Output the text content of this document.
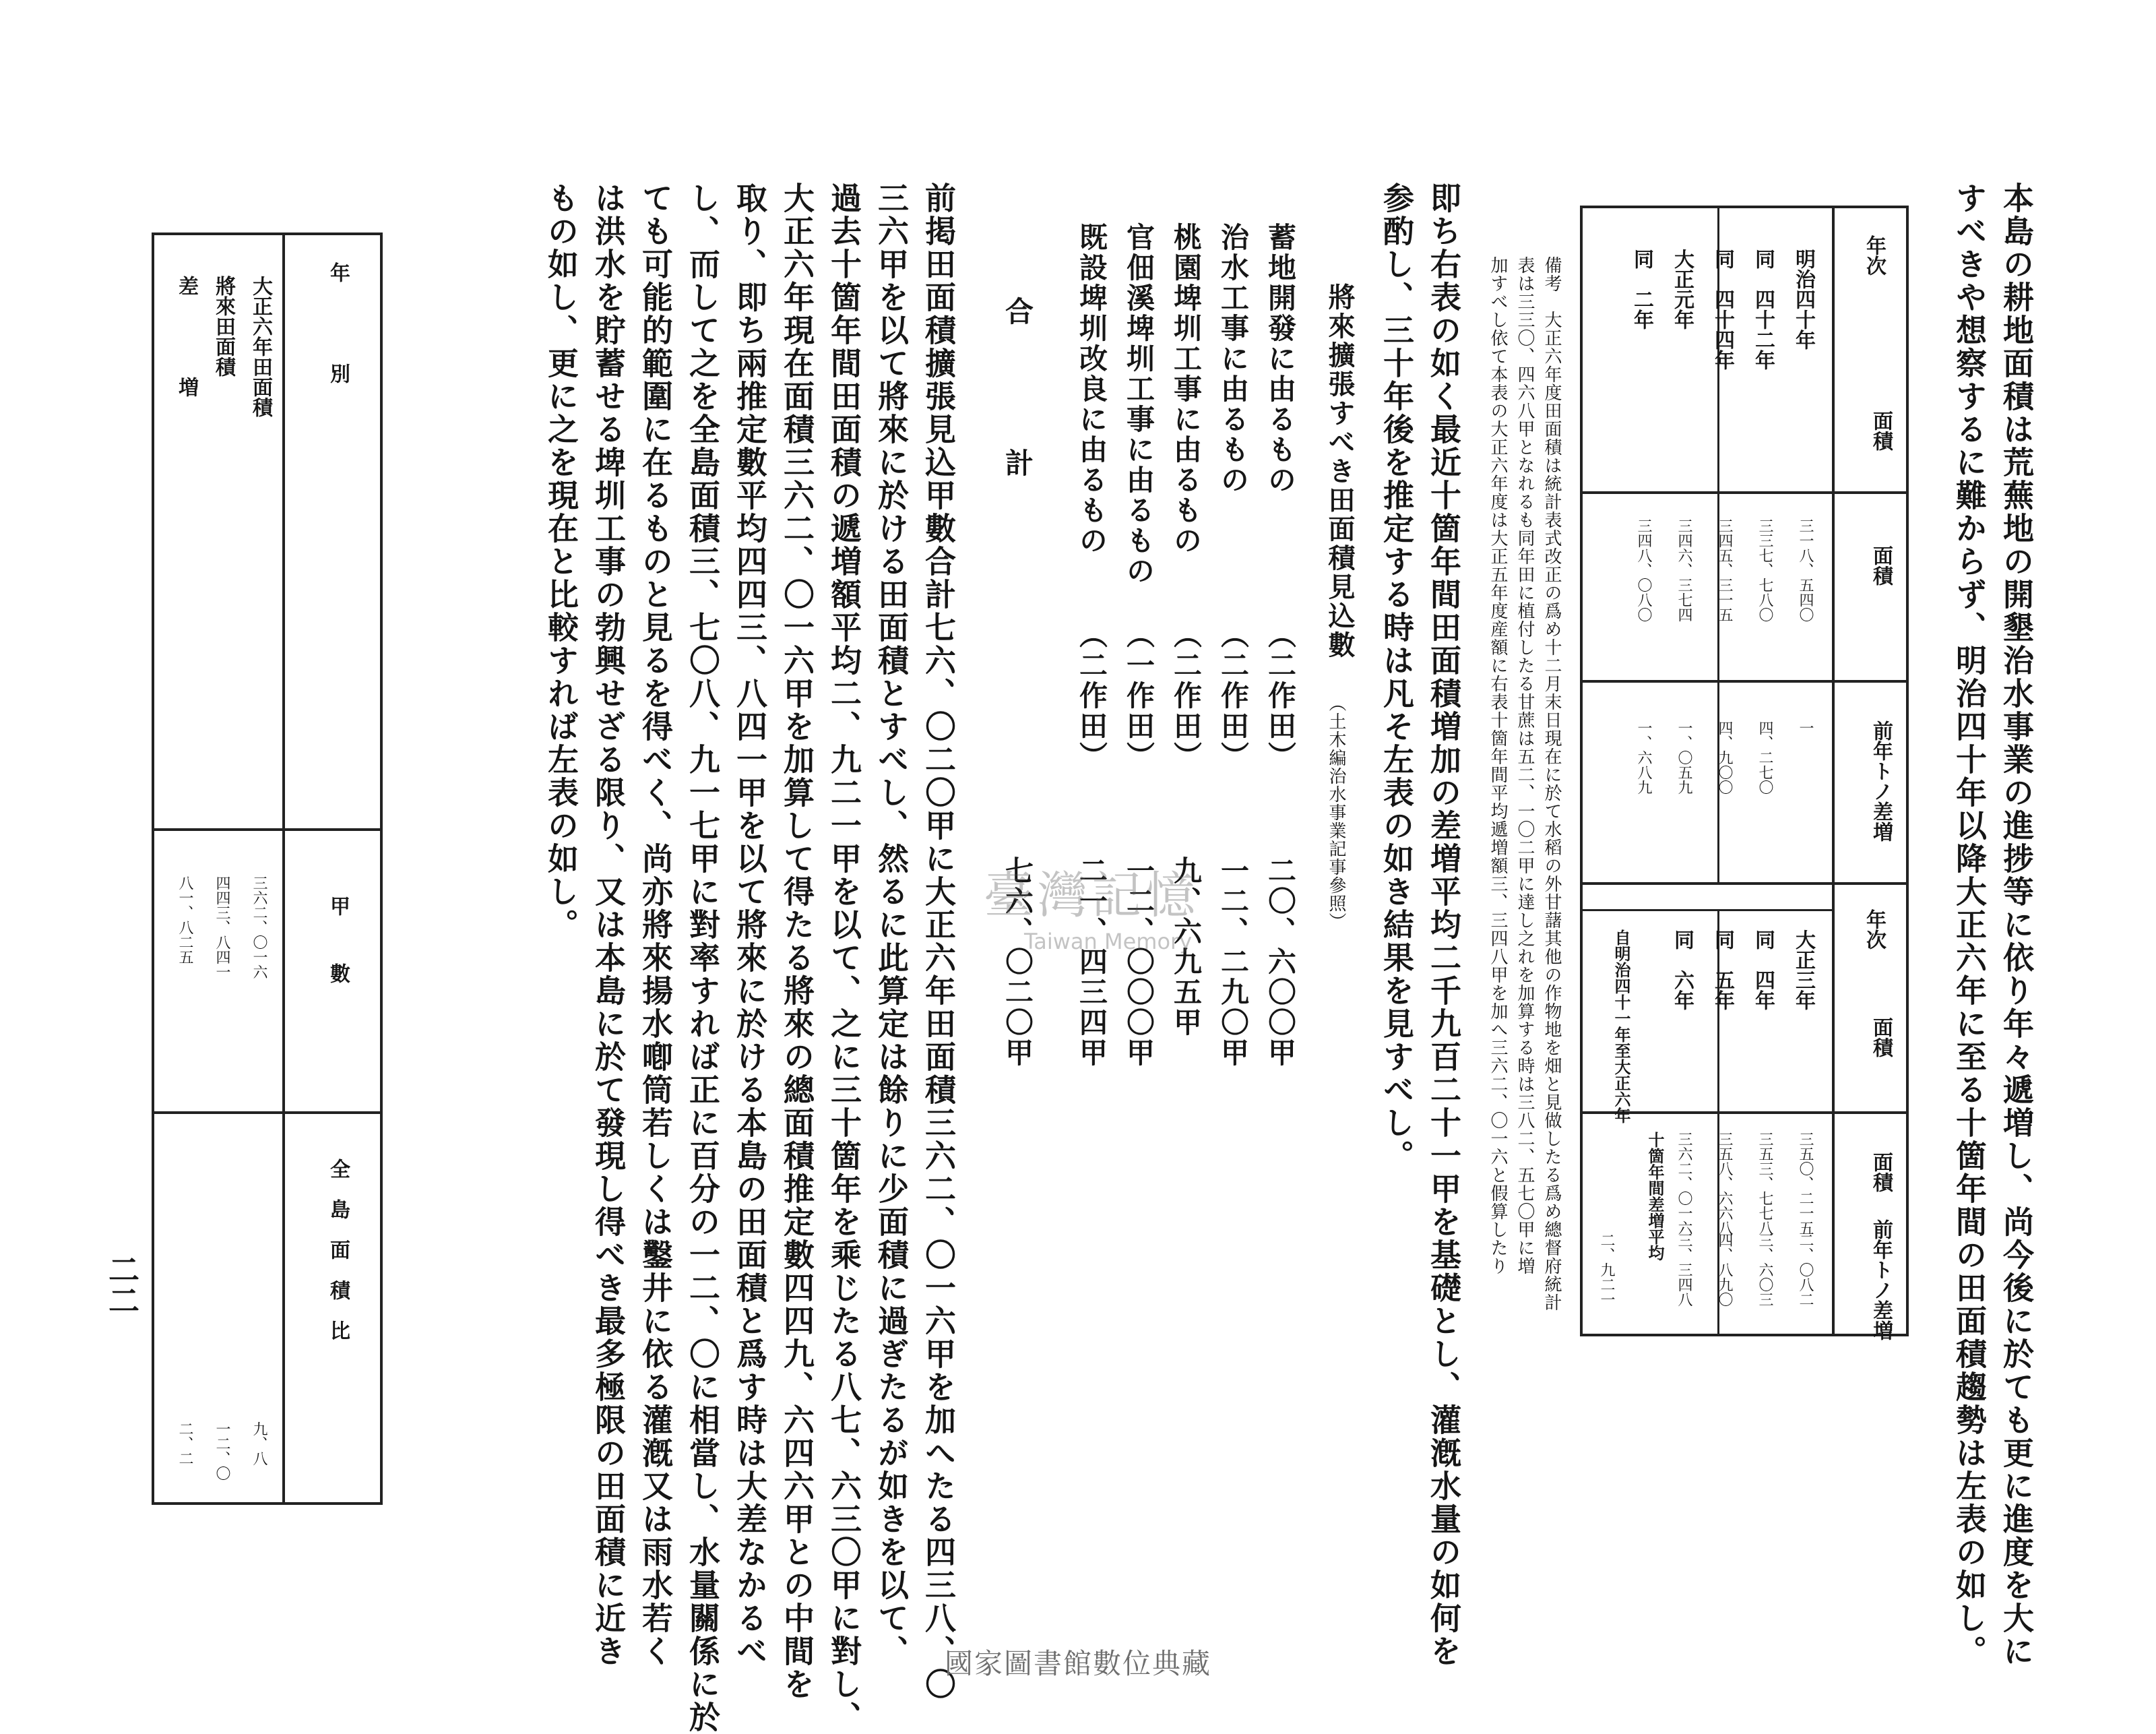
本島の耕地面積は荒蕪地の開墾治水事業の進捗等に依り年々遞増し、尚今後に於ても更に進度を大に
すべきや想察するに難からず、明治四十年以降大正六年に至る十箇年間の田面積趨勢は左表の如し。
年次
面積
面積
前年トノ差増
年次
面積
面積
前年トノ差増
明治四十年
同　四十二年
同　四十四年
大正元年
同　二年
三一八、五四〇
三三七、七八〇
三四五、三一五
三四六、三七四
三四八、〇八〇
一
四、二七〇
四、九〇〇
一、〇五九
一、六八九
大正三年
同　四年
同　五年
同　六年
三五〇、二一五
三五三、七七八
三五八、六六八
三六二、〇一六
二、〇八二
三、六〇三
四、八九〇
三、三四八
自明治四十一年至大正六年
十箇年間差増平均
二、九二一
備考　大正六年度田面積は統計表式改正の爲め十二月末日現在に於て水稻の外甘藷其他の作物地を畑と見做したる爲め總督府統計
表は三三〇、四六八甲となれるも同年田に植付したる甘蔗は五二、一〇二甲に達し之れを加算する時は三八二、五七〇甲に増
加すべし依て本表の大正六年度は大正五年度産額に右表十箇年間平均遞増額三、三四八甲を加へ三六二、〇一六と假算したり
即ち右表の如く最近十箇年間田面積増加の差増平均二千九百二十一甲を基礎とし、灌漑水量の如何を
参酌し、三十年後を推定する時は凡そ左表の如き結果を見すべし。
將來擴張すべき田面積見込數
（土木編治水事業記事參照）
蓄地開發に由るもの
（二作田）
二〇、六〇〇甲
治水工事に由るもの
（二作田）
一二、二九〇甲
桃園埤圳工事に由るもの
（二作田）
九、六九五甲
官佃溪埤圳工事に由るもの
（一作田）
一二、〇〇〇甲
既設埤圳改良に由るもの
（二作田）
二一、四三四甲
合　　　　計
七六、〇二〇甲
前掲田面積擴張見込甲數合計七六、〇二〇甲に大正六年田面積三六二、〇一六甲を加へたる四三八、〇
三六甲を以て將來に於ける田面積とすべし、然るに此算定は餘りに少面積に過ぎたるが如きを以て、
過去十箇年間田面積の遞増額平均二、九二一甲を以て、之に三十箇年を乘じたる八七、六三〇甲に對し、
大正六年現在面積三六二、〇一六甲を加算して得たる將來の總面積推定數四四九、六四六甲との中間を
取り、即ち兩推定數平均四四三、八四一甲を以て將來に於ける本島の田面積と爲す時は大差なかるべ
し、而して之を全島面積三、七〇八、九一七甲に對率すれば正に百分の一二、〇に相當し、水量關係に於
ても可能的範圍に在るものと見るを得べく、尚亦將來揚水喞筒若しくは鑿井に依る灌漑又は雨水若く
は洪水を貯蓄せる埤圳工事の勃興せざる限り、又は本島に於て發現し得べき最多極限の田面積に近き
もの如し、更に之を現在と比較すれば左表の如し。
年　　　　別
甲
數
全　島　面　積　比
大正六年田面積
將來田面積
差　　　　増
三六二、〇一六
四四三、八四一
八一、八二五
九、八
一二、〇
二、二
二二
臺灣記憶
Taiwan Memory
國家圖書館數位典藏
